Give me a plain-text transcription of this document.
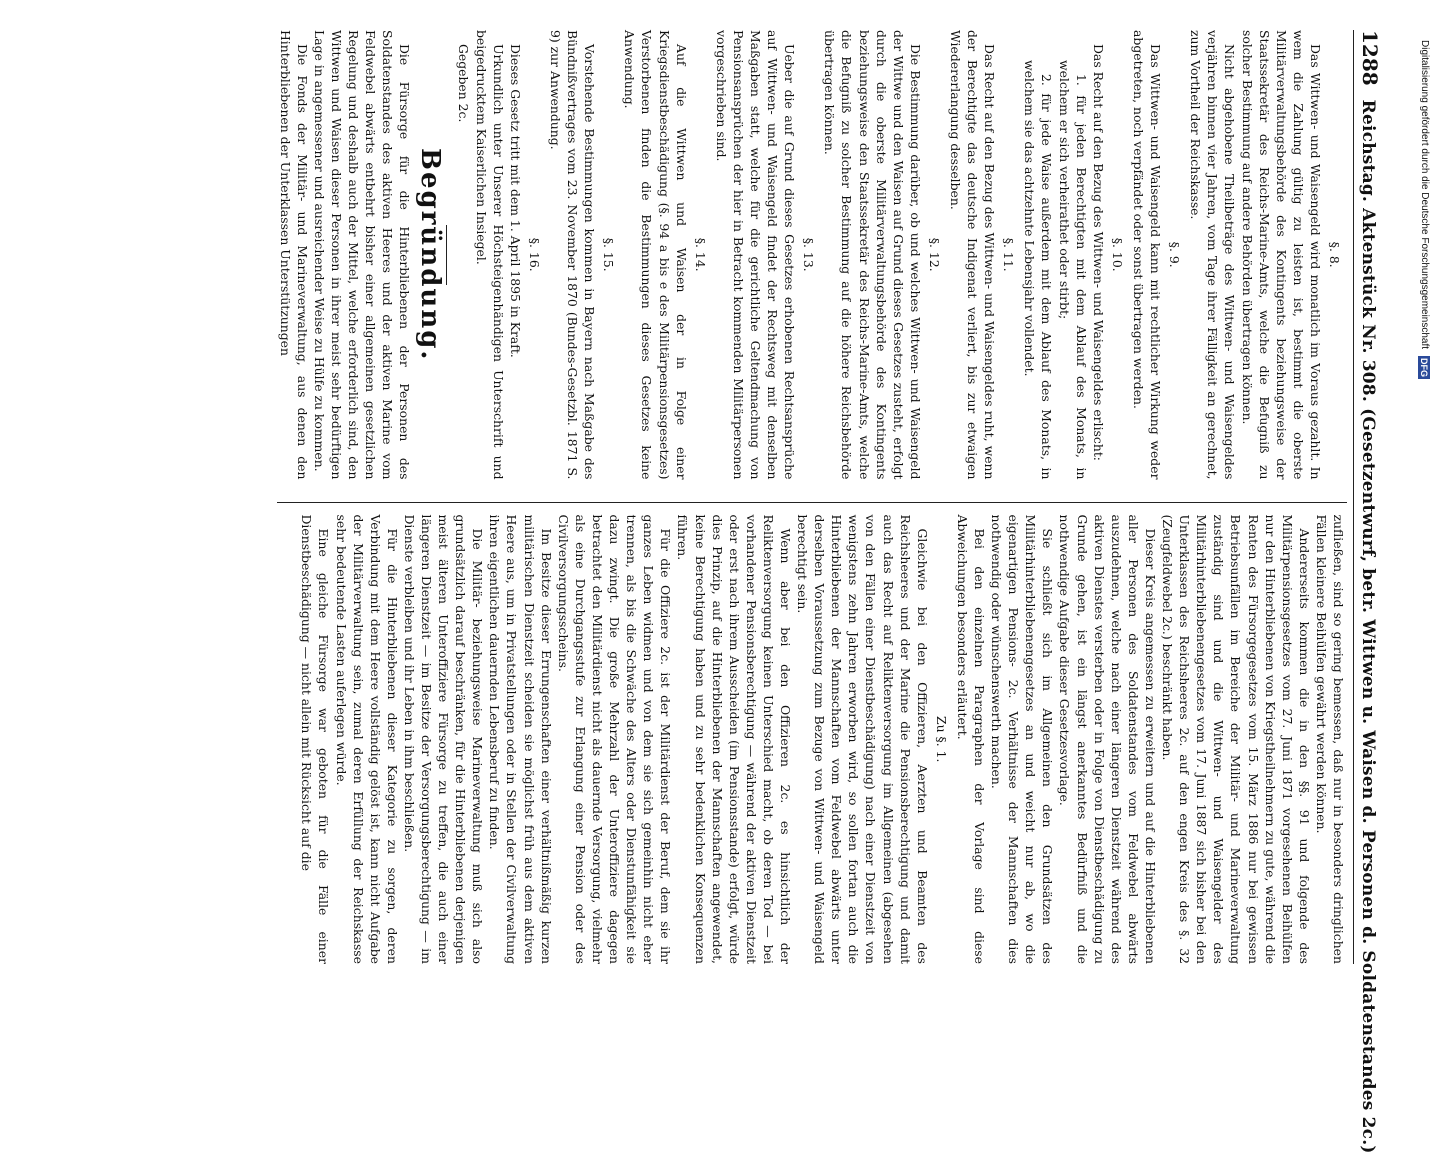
1288
Reichstag. Aktenstück Nr. 308. (Gesetzentwurf, betr. Wittwen u. Waisen d. Personen d. Soldatenstandes 2c.)
§. 8.

Das Wittwen- und Waisengeld wird monatlich im Voraus gezahlt. In wem die Zahlung gültig zu leisten ist, bestimmt die oberste Militärverwaltungsbehörde des Kontingents beziehungsweise der Staatssekretär des Reichs-Marine-Amts, welche die Befugniß zu solcher Bestimmung auf andere Behörden übertragen können.

Nicht abgehobene Theilbeträge des Wittwen- und Waisengeldes verjähren binnen vier Jahren, vom Tage ihrer Fälligkeit an gerechnet, zum Vortheil der Reichskasse.

§. 9.

Das Wittwen- und Waisengeld kann mit rechtlicher Wirkung weder abgetreten, noch verpfändet oder sonst übertragen werden.

§. 10.

Das Recht auf den Bezug des Wittwen- und Waisengeldes erlischt:

1. für jeden Berechtigten mit dem Ablauf des Monats, in welchem er sich verheirathet oder stirbt;

2. für jede Waise außerdem mit dem Ablauf des Monats, in welchem sie das achtzehnte Lebensjahr vollendet.

§. 11.

Das Recht auf den Bezug des Wittwen- und Waisengeldes ruht, wenn der Berechtigte das deutsche Indigenat verliert, bis zur etwaigen Wiedererlangung desselben.

§. 12.

Die Bestimmung darüber, ob und welches Wittwen- und Waisengeld der Wittwe und den Waisen auf Grund dieses Gesetzes zusteht, erfolgt durch die oberste Militärverwaltungsbehörde des Kontingents beziehungsweise den Staatssekretär des Reichs-Marine-Amts, welche die Befugniß zu solcher Bestimmung auf die höhere Reichsbehörde übertragen können.

§. 13.

Ueber die auf Grund dieses Gesetzes erhobenen Rechtsansprüche auf Wittwen- und Waisengeld findet der Rechtsweg mit denselben Maßgaben statt, welche für die gerichtliche Geltendmachung von Pensionsansprüchen der hier in Betracht kommenden Militärpersonen vorgeschrieben sind.

§. 14.

Auf die Wittwen und Waisen der in Folge einer Kriegsdienstbeschädigung (§. 94 a bis e des Militärpensionsgesetzes) Verstorbenen finden die Bestimmungen dieses Gesetzes keine Anwendung.

§. 15.

Vorstehende Bestimmungen kommen in Bayern nach Maßgabe des Bündnißvertrages vom 23. November 1870 (Bundes-Gesetzbl. 1871 S. 9) zur Anwendung.

§. 16.

Dieses Gesetz tritt mit dem 1. April 1895 in Kraft.

Urkundlich unter Unserer Höchsteigenhändigen Unterschrift und beigedrucktem Kaiserlichen Insiegel.

Gegeben 2c.

Begründung.

Die Fürsorge für die Hinterbliebenen der Personen des Soldatenstandes des aktiven Heeres und der aktiven Marine vom Feldwebel abwärts entbehrt bisher einer allgemeinen gesetzlichen Regelung und deshalb auch der Mittel, welche erforderlich sind, den Wittwen und Waisen dieser Personen in ihrer meist sehr bedürftigen Lage in angemessener und ausreichender Weise zu Hülfe zu kommen.

Die Fonds der Militär- und Marineverwaltung, aus denen den Hinterbliebenen der Unterklassen Unterstützungen

zufließen, sind so gering bemessen, daß nur in besonders dringlichen Fällen kleinere Beihülfen gewährt werden können.

Andererseits kommen die in den §§. 91 und folgende des Militärpensionsgesetzes vom 27. Juni 1871 vorgesehenen Beihülfen nur den Hinterbliebenen von Kriegstheilnehmern zu gute, während die Renten des Fürsorgegesetzes vom 15. März 1886 nur bei gewissen Betriebsunfällen im Bereiche der Militär- und Marineverwaltung zuständig sind und die Wittwen- und Waisengelder des Militärhinterbliebenengesetzes vom 17. Juni 1887 sich bisher bei den Unterklassen des Reichsheeres 2c. auf den engen Kreis des §. 32 (Zeugfeldwebel 2c.) beschränkt haben.

Dieser Kreis angemessen zu erweitern und auf die Hinterbliebenen aller Personen des Soldatenstandes vom Feldwebel abwärts auszudehnen, welche nach einer längeren Dienstzeit während des aktiven Dienstes versterben oder in Folge von Dienstbeschädigung zu Grunde gehen, ist ein längst anerkanntes Bedürfniß und die nothwendige Aufgabe dieser Gesetzesvorlage.

Sie schließt sich im Allgemeinen den Grundsätzen des Militärhinterbliebenengesetzes an und weicht nur ab, wo die eigenartigen Pensions- 2c. Verhältnisse der Mannschaften dies nothwendig oder wünschenswerth machen.

Bei den einzelnen Paragraphen der Vorlage sind diese Abweichungen besonders erläutert.

Zu §. 1.

Gleichwie bei den Offizieren, Aerzten und Beamten des Reichsheeres und der Marine die Pensionsberechtigung und damit auch das Recht auf Reliktenversorgung im Allgemeinen (abgesehen von den Fällen einer Dienstbeschädigung) nach einer Dienstzeit von wenigstens zehn Jahren erworben wird, so sollen fortan auch die Hinterbliebenen der Mannschaften vom Feldwebel abwärts unter derselben Voraussetzung zum Bezuge von Wittwen- und Waisengeld berechtigt sein.

Wenn aber bei den Offizieren 2c. es hinsichtlich der Reliktenversorgung keinen Unterschied macht, ob deren Tod — bei vorhandener Pensionsberechtigung — während der aktiven Dienstzeit oder erst nach ihrem Ausscheiden (im Pensionsstande) erfolgt, würde dies Prinzip, auf die Hinterbliebenen der Mannschaften angewendet, keine Berechtigung haben und zu sehr bedenklichen Konsequenzen führen.

Für die Offiziere 2c. ist der Militärdienst der Beruf, dem sie ihr ganzes Leben widmen und von dem sie sich gemeinhin nicht eher trennen, als bis die Schwäche des Alters oder Dienstunfähigkeit sie dazu zwingt. Die große Mehrzahl der Unteroffiziere dagegen betrachtet den Militärdienst nicht als dauernde Versorgung, vielmehr als eine Durchgangsstufe zur Erlangung einer Pension oder des Civilversorgungsscheins.

Im Besitze dieser Errungenschaften einer verhältnißmäßig kurzen militärischen Dienstzeit scheiden sie möglichst früh aus dem aktiven Heere aus, um in Privatstellungen oder in Stellen der Civilverwaltung ihren eigentlichen dauernden Lebensberuf zu finden.

Die Militär- beziehungsweise Marineverwaltung muß sich also grundsätzlich darauf beschränken, für die Hinterbliebenen derjenigen meist älteren Unteroffiziere Fürsorge zu treffen, die auch einer längeren Dienstzeit — im Besitze der Versorgungsberechtigung — im Dienste verbleiben und ihr Leben in ihm beschließen.

Für die Hinterbliebenen dieser Kategorie zu sorgen, deren Verbindung mit dem Heere vollständig gelöst ist, kann nicht Aufgabe der Militärverwaltung sein, zumal deren Erfüllung der Reichskasse sehr bedeutende Lasten auferlegen würde.

Eine gleiche Fürsorge war geboten für die Fälle einer Dienstbeschädigung — nicht allein mit Rücksicht auf die

Digitalisierung gefördert durch die Deutsche Forschungsgemeinschaft DFG
